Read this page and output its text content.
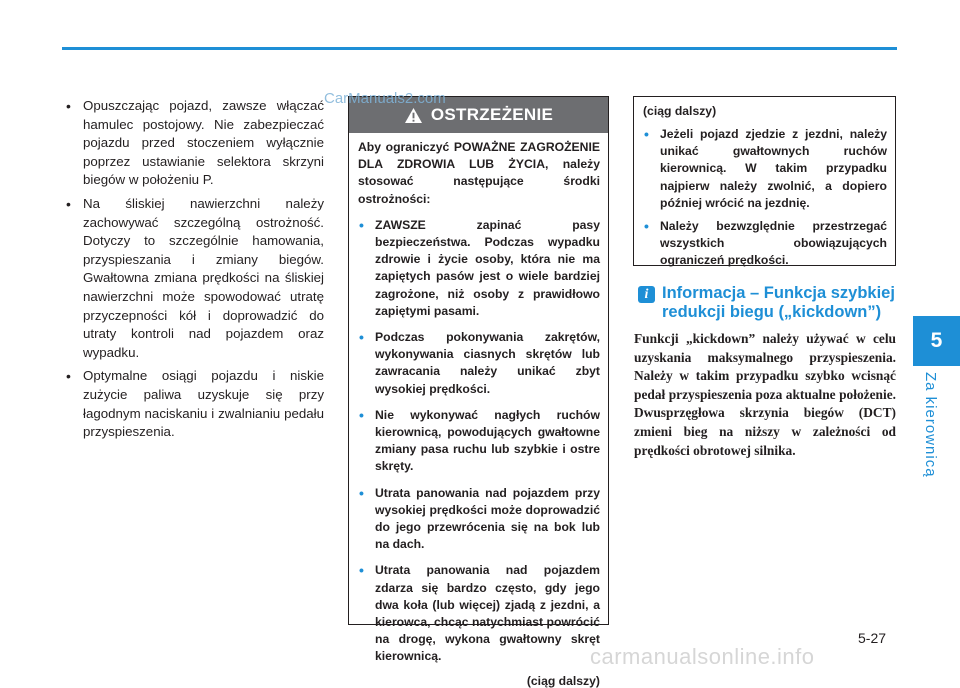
5
Za kierownicą
• Opuszczając pojazd, zawsze włączać hamulec postojowy. Nie zabezpieczać pojazdu przed stoczeniem wyłącznie poprzez ustawianie selektora skrzyni biegów w położeniu P.
• Na śliskiej nawierzchni należy zachowywać szczególną ostrożność. Dotyczy to szczególnie hamowania, przyspieszania i zmiany biegów. Gwałtowna zmiana prędkości na śliskiej nawierzchni może spowodować utratę przyczepności kół i doprowadzić do utraty kontroli nad pojazdem oraz wypadku.
• Optymalne osiągi pojazdu i niskie zużycie paliwa uzyskuje się przy łagodnym naciskaniu i zwalnianiu pedału przyspieszenia.
OSTRZEŻENIE

Aby ograniczyć POWAŻNE ZAGROŻENIE DLA ZDROWIA LUB ŻYCIA, należy stosować następujące środki ostrożności:

• ZAWSZE zapinać pasy bezpieczeństwa. Podczas wypadku zdrowie i życie osoby, która nie ma zapiętych pasów jest o wiele bardziej zagrożone, niż osoby z prawidłowo zapiętymi pasami.
• Podczas pokonywania zakrętów, wykonywania ciasnych skrętów lub zawracania należy unikać zbyt wysokiej prędkości.
• Nie wykonywać nagłych ruchów kierownicą, powodujących gwałtowne zmiany pasa ruchu lub szybkie i ostre skręty.
• Utrata panowania nad pojazdem przy wysokiej prędkości może doprowadzić do jego przewrócenia się na bok lub na dach.
• Utrata panowania nad pojazdem zdarza się bardzo często, gdy jego dwa koła (lub więcej) zjadą z jezdni, a kierowca, chcąc natychmiast powrócić na drogę, wykona gwałtowny skręt kierownicą.
(ciąg dalszy)
CarManuals2.com
(ciąg dalszy)
• Jeżeli pojazd zjedzie z jezdni, należy unikać gwałtownych ruchów kierownicą. W takim przypadku najpierw należy zwolnić, a dopiero później wrócić na jezdnię.
• Należy bezwzględnie przestrzegać wszystkich obowiązujących ograniczeń prędkości.
i Informacja – Funkcja szybkiej redukcji biegu („kickdown”)

Funkcji „kickdown” należy używać w celu uzyskania maksymalnego przyspieszenia. Należy w takim przypadku szybko wcisnąć pedał przyspieszenia poza aktualne położenie. Dwusprzęgłowa skrzynia biegów (DCT) zmieni bieg na niższy w zależności od prędkości obrotowej silnika.

5-27
carmanualsonline.info
